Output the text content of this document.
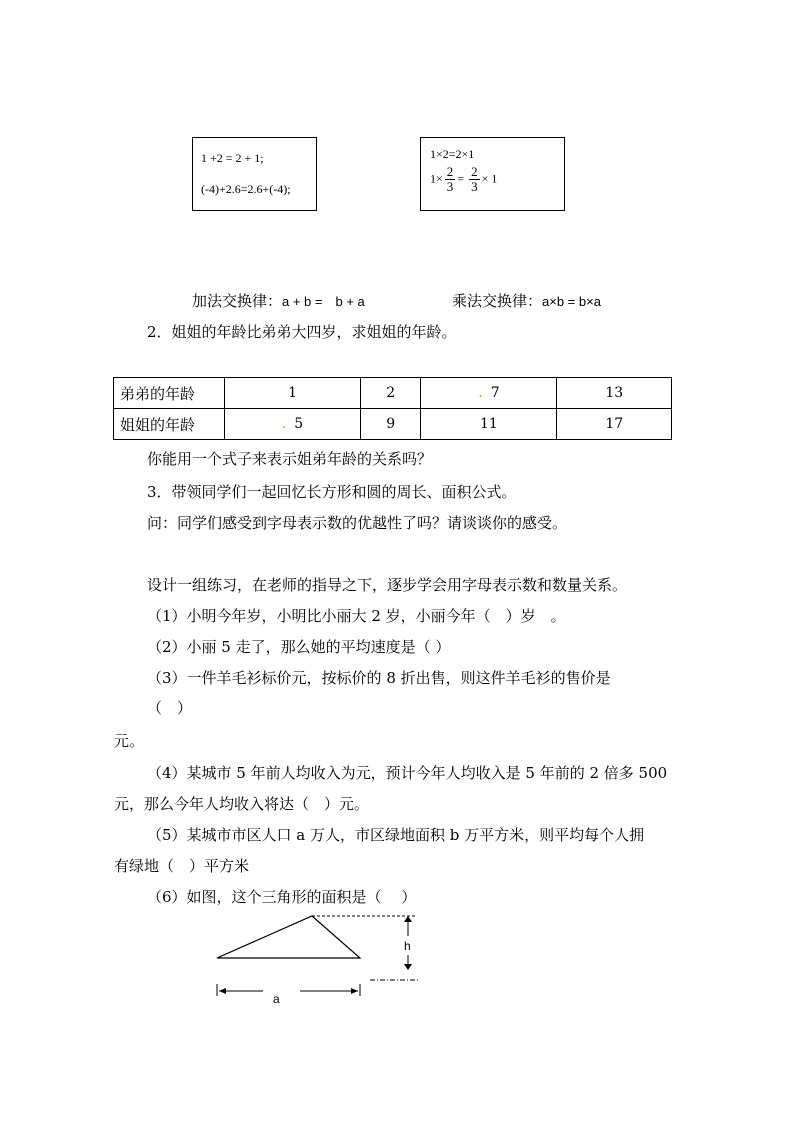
1 +2 = 2 + 1;
(-4)+2.6=2.6+(-4);
1×2=2×1
$1\times \frac{2}{3} = \frac{2}{3} \times 1$
加法交换律：a + b =　b + a	乘法交换律：a×b = b×a
2．姐姐的年龄比弟弟大四岁，求姐姐的年龄。
弟弟的年龄	1	2	. 7	13
姐姐的年龄	. 5	9	11	17
你能用一个式子来表示姐弟年龄的关系吗？
3．带领同学们一起回忆长方形和圆的周长、面积公式。
问：同学们感受到字母表示数的优越性了吗？请谈谈你的感受。
设计一组练习，在老师的指导之下，逐步学会用字母表示数和数量关系。
（1）小明今年岁，小明比小丽大 2 岁，小丽今年（　）岁　。
（2）小丽 5 走了，那么她的平均速度是（ ）
（3）一件羊毛衫标价元，按标价的 8 折出售，则这件羊毛衫的售价是
（　）
元。
（4）某城市 5 年前人均收入为元，预计今年人均收入是 5 年前的 2 倍多 500
元，那么今年人均收入将达（　）元。
（5）某城市市区人口 a 万人，市区绿地面积 b 万平方米，则平均每个人拥
有绿地（　）平方米
（6）如图，这个三角形的面积是（　 ）
h
a
